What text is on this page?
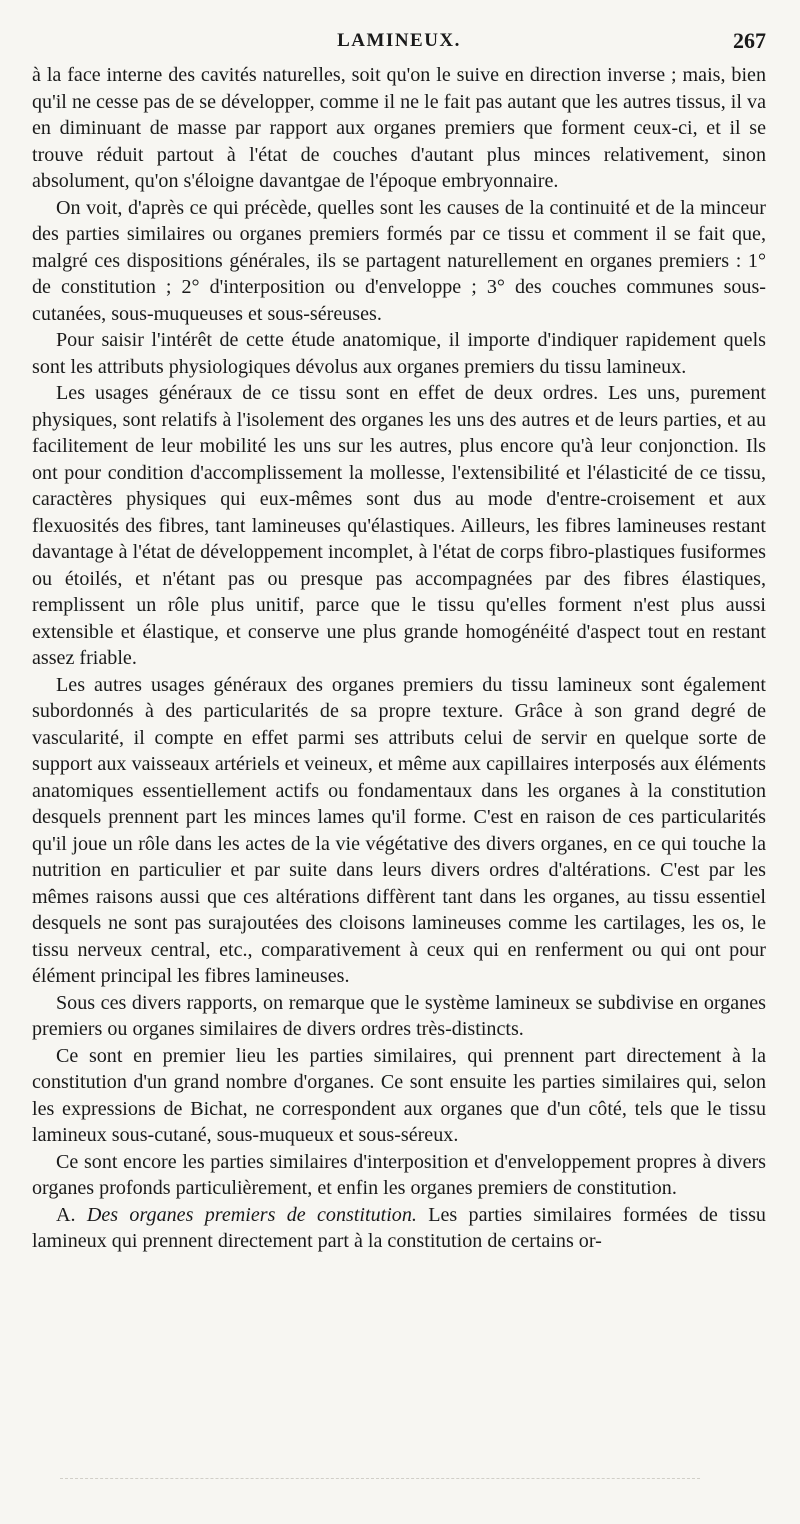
LAMINEUX.	267

à la face interne des cavités naturelles, soit qu'on le suive en direction inverse ; mais, bien qu'il ne cesse pas de se développer, comme il ne le fait pas autant que les autres tissus, il va en diminuant de masse par rapport aux organes premiers que forment ceux-ci, et il se trouve réduit partout à l'état de couches d'autant plus minces relativement, sinon absolument, qu'on s'éloigne davantgae de l'époque embryonnaire.

On voit, d'après ce qui précède, quelles sont les causes de la continuité et de la minceur des parties similaires ou organes premiers formés par ce tissu et comment il se fait que, malgré ces dispositions générales, ils se partagent naturellement en organes premiers : 1° de constitution ; 2° d'interposition ou d'enveloppe ; 3° des couches communes sous-cutanées, sous-muqueuses et sous-séreuses.

Pour saisir l'intérêt de cette étude anatomique, il importe d'indiquer rapidement quels sont les attributs physiologiques dévolus aux organes premiers du tissu lamineux.

Les usages généraux de ce tissu sont en effet de deux ordres. Les uns, purement physiques, sont relatifs à l'isolement des organes les uns des autres et de leurs parties, et au facilitement de leur mobilité les uns sur les autres, plus encore qu'à leur conjonction. Ils ont pour condition d'accomplissement la mollesse, l'extensibilité et l'élasticité de ce tissu, caractères physiques qui eux-mêmes sont dus au mode d'entre-croisement et aux flexuosités des fibres, tant lamineuses qu'élastiques. Ailleurs, les fibres lamineuses restant davantage à l'état de développement incomplet, à l'état de corps fibro-plastiques fusiformes ou étoilés, et n'étant pas ou presque pas accompagnées par des fibres élastiques, remplissent un rôle plus unitif, parce que le tissu qu'elles forment n'est plus aussi extensible et élastique, et conserve une plus grande homogénéité d'aspect tout en restant assez friable.

Les autres usages généraux des organes premiers du tissu lamineux sont également subordonnés à des particularités de sa propre texture. Grâce à son grand degré de vascularité, il compte en effet parmi ses attributs celui de servir en quelque sorte de support aux vaisseaux artériels et veineux, et même aux capillaires interposés aux éléments anatomiques essentiellement actifs ou fondamentaux dans les organes à la constitution desquels prennent part les minces lames qu'il forme. C'est en raison de ces particularités qu'il joue un rôle dans les actes de la vie végétative des divers organes, en ce qui touche la nutrition en particulier et par suite dans leurs divers ordres d'altérations. C'est par les mêmes raisons aussi que ces altérations diffèrent tant dans les organes, au tissu essentiel desquels ne sont pas surajoutées des cloisons lamineuses comme les cartilages, les os, le tissu nerveux central, etc., comparativement à ceux qui en renferment ou qui ont pour élément principal les fibres lamineuses.

Sous ces divers rapports, on remarque que le système lamineux se subdivise en organes premiers ou organes similaires de divers ordres très-distincts.

Ce sont en premier lieu les parties similaires, qui prennent part directement à la constitution d'un grand nombre d'organes. Ce sont ensuite les parties similaires qui, selon les expressions de Bichat, ne correspondent aux organes que d'un côté, tels que le tissu lamineux sous-cutané, sous-muqueux et sous-séreux.

Ce sont encore les parties similaires d'interposition et d'enveloppement propres à divers organes profonds particulièrement, et enfin les organes premiers de constitution.

A. Des organes premiers de constitution. Les parties similaires formées de tissu lamineux qui prennent directement part à la constitution de certains or-
